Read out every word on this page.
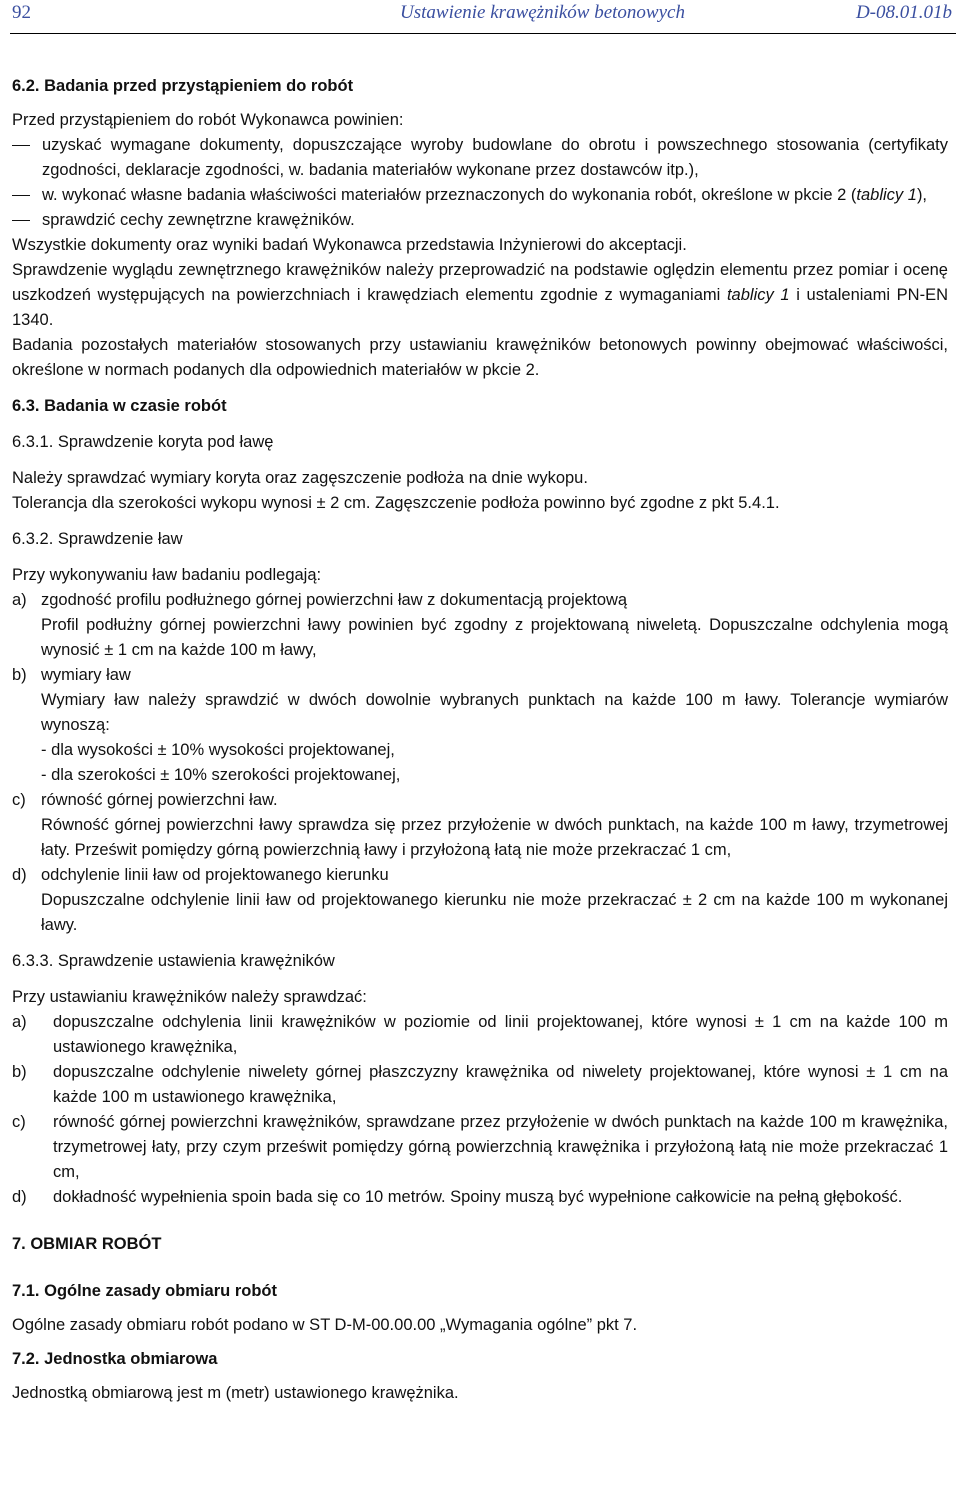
92	Ustawienie krawężników betonowych	D-08.01.01b

6.2. Badania przed przystąpieniem do robót

Przed przystąpieniem do robót Wykonawca powinien:

uzyskać wymagane dokumenty, dopuszczające wyroby budowlane do obrotu i powszechnego stosowania (certyfikaty zgodności, deklaracje zgodności, w. badania materiałów wykonane przez dostawców itp.),
w. wykonać własne badania właściwości materiałów przeznaczonych do wykonania robót, określone w pkcie 2 (tablicy 1),
sprawdzić cechy zewnętrzne krawężników.

Wszystkie dokumenty oraz wyniki badań Wykonawca przedstawia Inżynierowi do akceptacji.

Sprawdzenie wyglądu zewnętrznego krawężników należy przeprowadzić na podstawie oględzin elementu przez pomiar i ocenę uszkodzeń występujących na powierzchniach i krawędziach elementu zgodnie z wymaganiami tablicy 1 i ustaleniami PN-EN 1340.

Badania pozostałych materiałów stosowanych przy ustawianiu krawężników betonowych powinny obejmować właściwości, określone w normach podanych dla odpowiednich materiałów w pkcie 2.

6.3. Badania w czasie robót

6.3.1. Sprawdzenie koryta pod ławę

Należy sprawdzać wymiary koryta oraz zagęszczenie podłoża na dnie wykopu.

Tolerancja dla szerokości wykopu wynosi ± 2 cm. Zagęszczenie podłoża powinno być zgodne z pkt 5.4.1.

6.3.2. Sprawdzenie ław

Przy wykonywaniu ław badaniu podlegają:

a) zgodność profilu podłużnego górnej powierzchni ław z dokumentacją projektową
Profil podłużny górnej powierzchni ławy powinien być zgodny z projektowaną niweletą. Dopuszczalne odchylenia mogą wynosić ± 1 cm na każde 100 m ławy,
b) wymiary ław
Wymiary ław należy sprawdzić w dwóch dowolnie wybranych punktach na każde 100 m ławy. Tolerancje wymiarów wynoszą:
- dla wysokości ± 10% wysokości projektowanej,
- dla szerokości ± 10% szerokości projektowanej,
c) równość górnej powierzchni ław.
Równość górnej powierzchni ławy sprawdza się przez przyłożenie w dwóch punktach, na każde 100 m ławy, trzymetrowej łaty. Prześwit pomiędzy górną powierzchnią ławy i przyłożoną łatą nie może przekraczać 1 cm,
d) odchylenie linii ław od projektowanego kierunku
Dopuszczalne odchylenie linii ław od projektowanego kierunku nie może przekraczać ± 2 cm na każde 100 m wykonanej ławy.

6.3.3. Sprawdzenie ustawienia krawężników

Przy ustawianiu krawężników należy sprawdzać:

a) dopuszczalne odchylenia linii krawężników w poziomie od linii projektowanej, które wynosi ± 1 cm na każde 100 m ustawionego krawężnika,
b) dopuszczalne odchylenie niwelety górnej płaszczyzny krawężnika od niwelety projektowanej, które wynosi ± 1 cm na każde 100 m ustawionego krawężnika,
c) równość górnej powierzchni krawężników, sprawdzane przez przyłożenie w dwóch punktach na każde 100 m krawężnika, trzymetrowej łaty, przy czym prześwit pomiędzy górną powierzchnią krawężnika i przyłożoną łatą nie może przekraczać 1 cm,
d) dokładność wypełnienia spoin bada się co 10 metrów. Spoiny muszą być wypełnione całkowicie na pełną głębokość.

7. OBMIAR ROBÓT

7.1. Ogólne zasady obmiaru robót

Ogólne zasady obmiaru robót podano w ST D-M-00.00.00 „Wymagania ogólne” pkt 7.

7.2. Jednostka obmiarowa

Jednostką obmiarową jest m (metr) ustawionego krawężnika.
